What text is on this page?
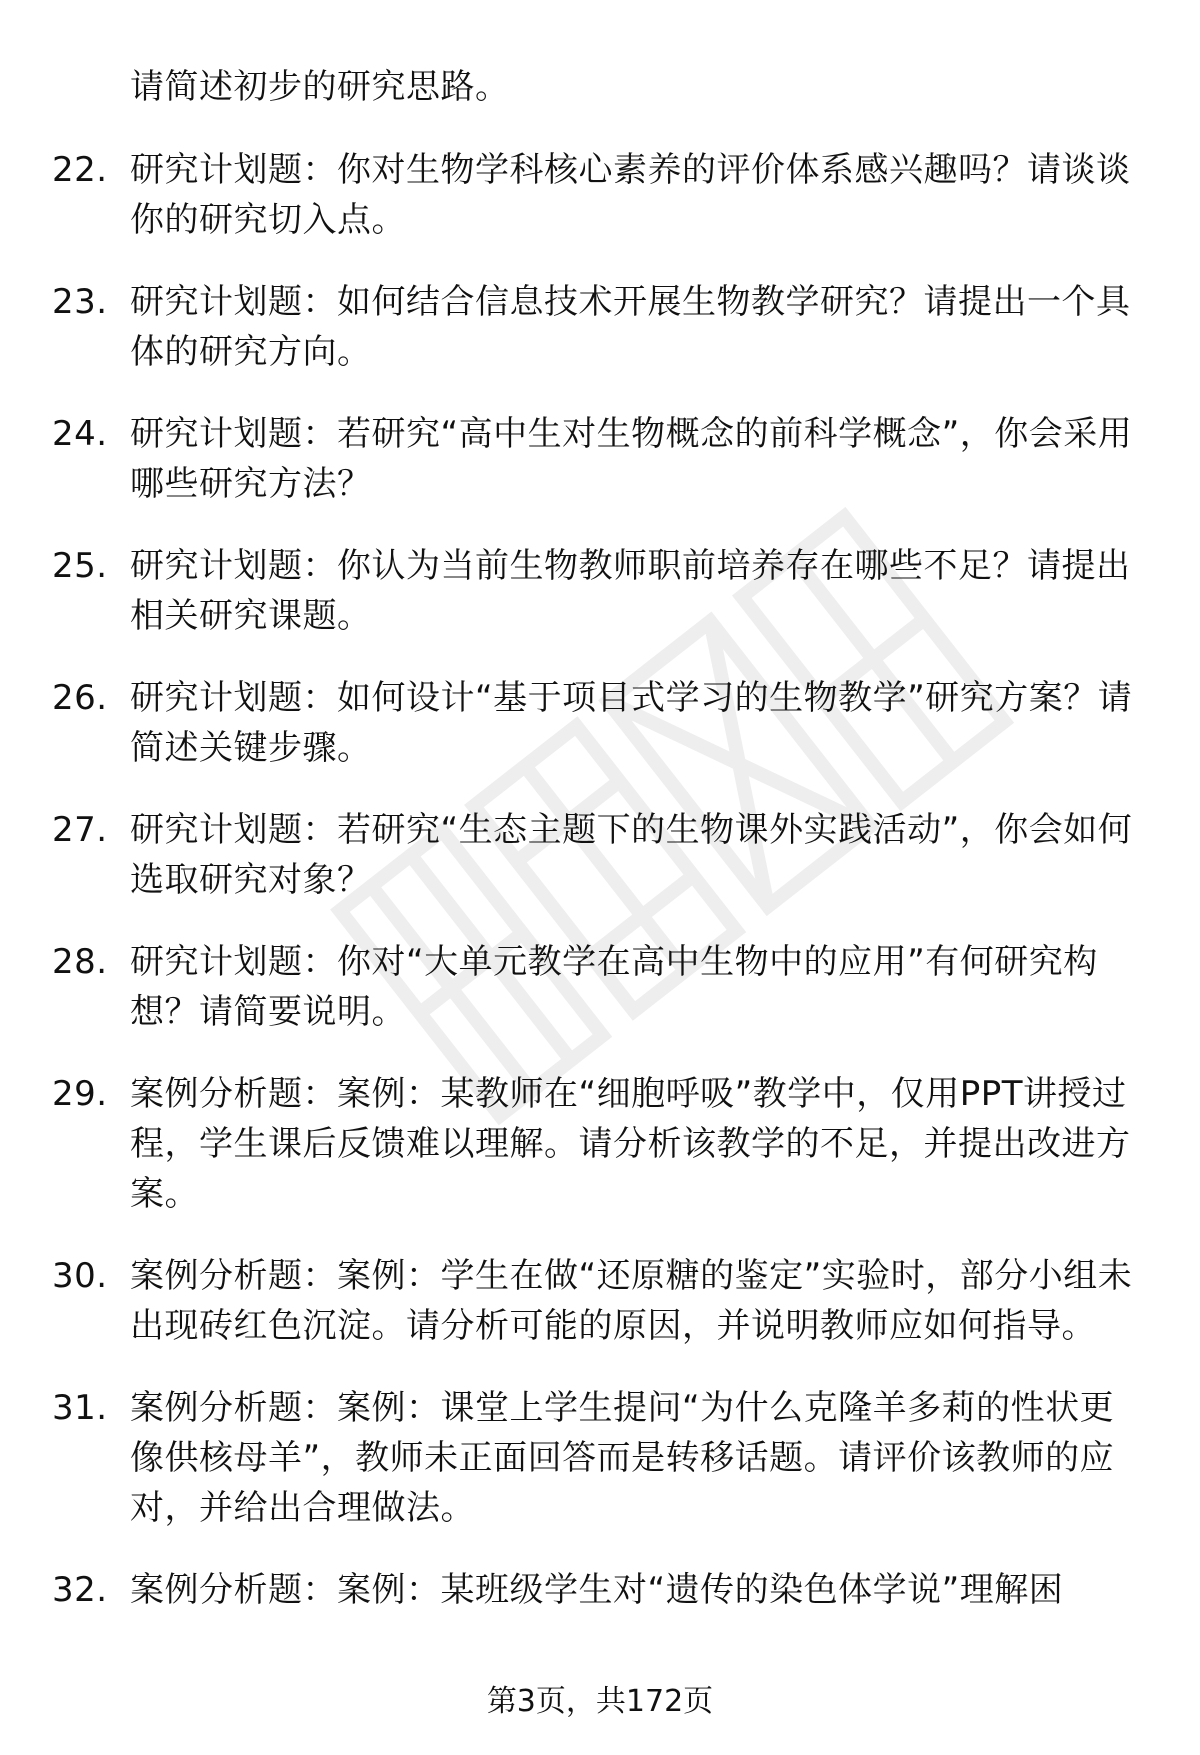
请简述初步的研究思路。
22. 研究计划题：你对生物学科核心素养的评价体系感兴趣吗？请谈谈你的研究切入点。
23. 研究计划题：如何结合信息技术开展生物教学研究？请提出一个具体的研究方向。
24. 研究计划题：若研究“高中生对生物概念的前科学概念”，你会采用哪些研究方法？
25. 研究计划题：你认为当前生物教师职前培养存在哪些不足？请提出相关研究课题。
26. 研究计划题：如何设计“基于项目式学习的生物教学”研究方案？请简述关键步骤。
27. 研究计划题：若研究“生态主题下的生物课外实践活动”，你会如何选取研究对象？
28. 研究计划题：你对“大单元教学在高中生物中的应用”有何研究构想？请简要说明。
29. 案例分析题：案例：某教师在“细胞呼吸”教学中，仅用PPT讲授过程，学生课后反馈难以理解。请分析该教学的不足，并提出改进方案。
30. 案例分析题：案例：学生在做“还原糖的鉴定”实验时，部分小组未出现砖红色沉淀。请分析可能的原因，并说明教师应如何指导。
31. 案例分析题：案例：课堂上学生提问“为什么克隆羊多莉的性状更像供核母羊”，教师未正面回答而是转移话题。请评价该教师的应对，并给出合理做法。
32. 案例分析题：案例：某班级学生对“遗传的染色体学说”理解困
第3页，共172页
